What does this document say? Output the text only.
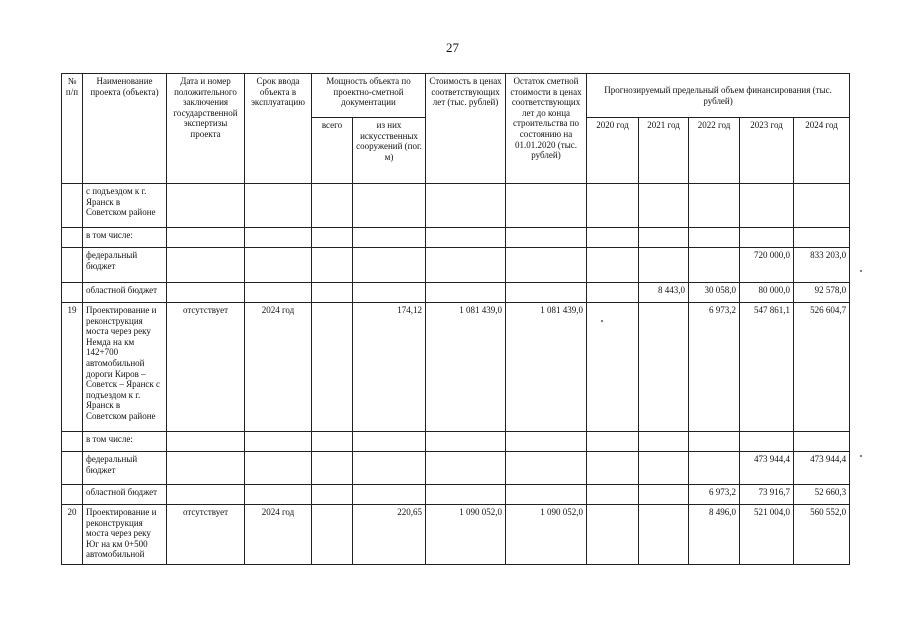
27
№ п/п	Наименование проекта (объекта)	Дата и номер положительного заключения государственной экспертизы проекта	Срок ввода объекта в эксплуатацию	Мощность объекта по проектно-сметной документации		Стоимость в ценах соответствующих лет (тыс. рублей)	Остаток сметной стоимости в ценах соответствующих лет до конца строительства по состоянию на 01.01.2020 (тыс. рублей)	Прогнозируемый предельный объем финансирования (тыс. рублей)				
				всего	из них искусственных сооружений (пог. м)			2020 год	2021 год	2022 год	2023 год	2024 год
	с подъездом к г. Яранск в Советском районе											
	в том числе:											
	федеральный бюджет										720 000,0	833 203,0
	областной бюджет								8 443,0	30 058,0	80 000,0	92 578,0
19	Проектирование и реконструкция моста через реку Немда на км 142+700 автомобильной дороги Киров – Советск – Яранск с подъездом к г. Яранск в Советском районе	отсутствует	2024 год		174,12	1 081 439,0	1 081 439,0			6 973,2	547 861,1	526 604,7
	в том числе:											
	федеральный бюджет										473 944,4	473 944,4
	областной бюджет									6 973,2	73 916,7	52 660,3
20	Проектирование и реконструкция моста через реку Юг на км 0+500 автомобильной	отсутствует	2024 год		220,65	1 090 052,0	1 090 052,0			8 496,0	521 004,0	560 552,0
